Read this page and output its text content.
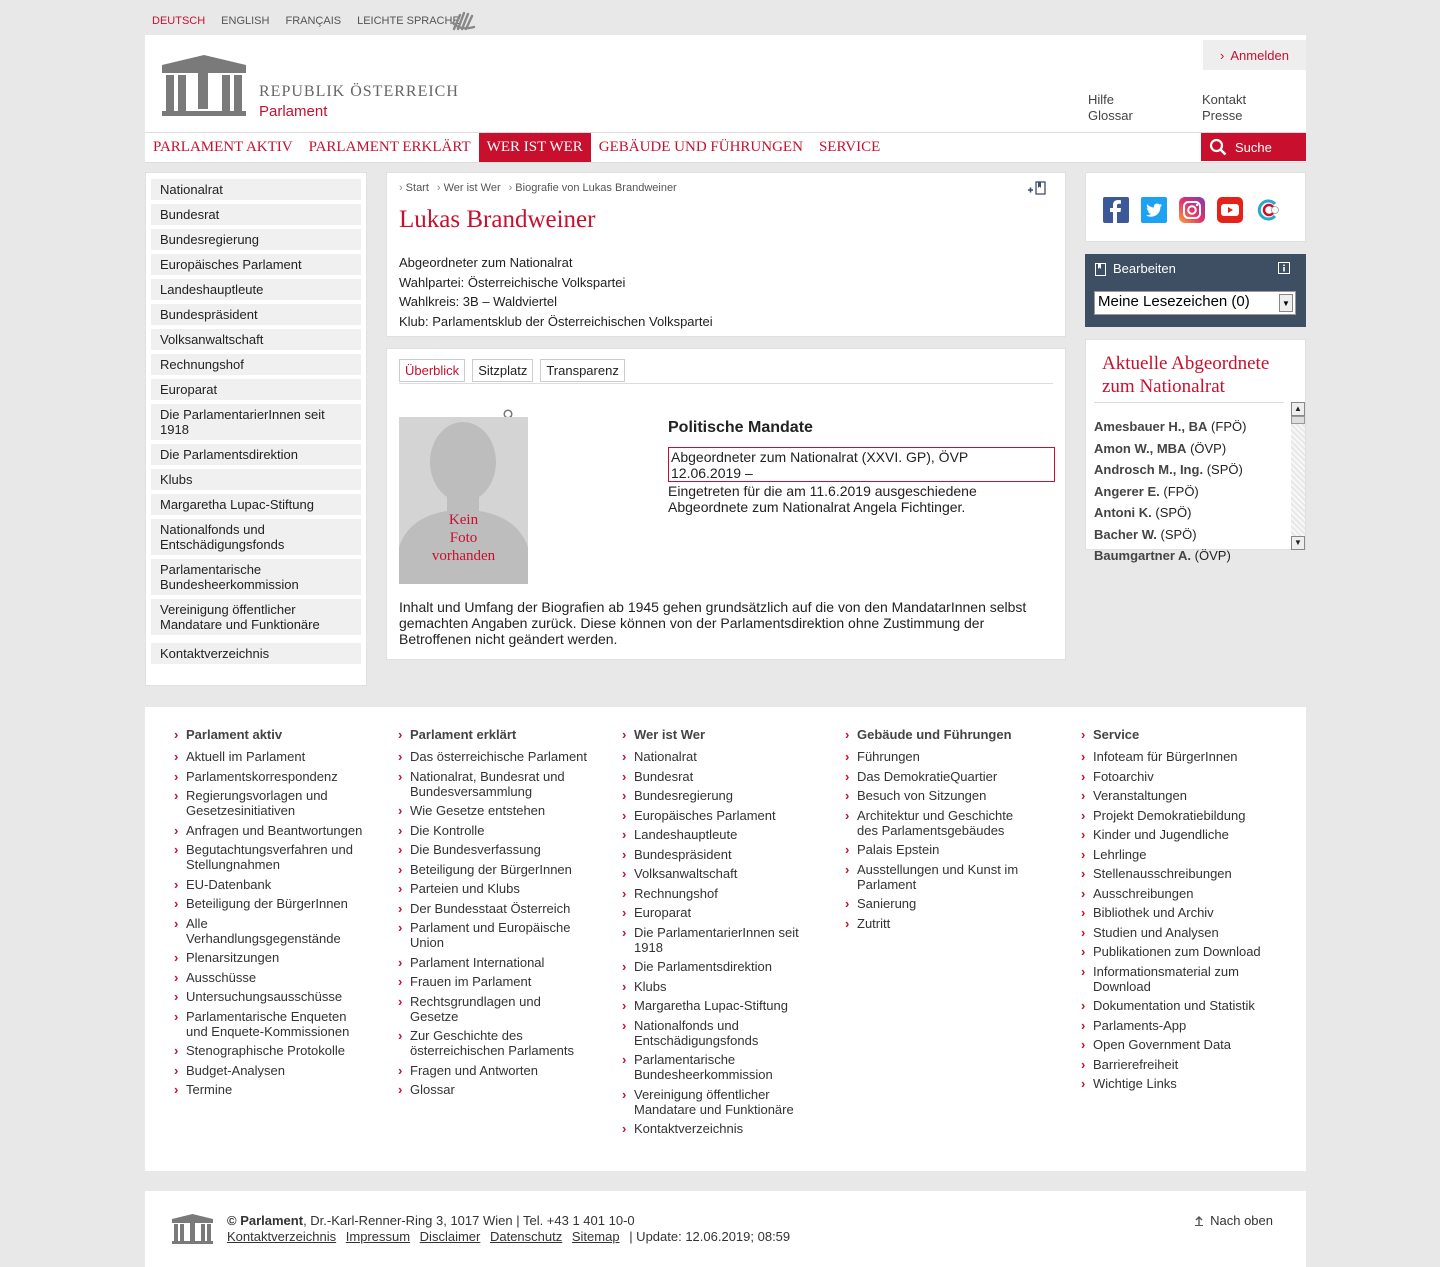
DEUTSCH ENGLISH FRANÇAIS LEICHTE SPRACHE
REPUBLIK ÖSTERREICH
Parlament
› Anmelden
Hilfe
Glossar
Kontakt
Presse
PARLAMENT AKTIV	PARLAMENT ERKLÄRT	WER IST WER	GEBÄUDE UND FÜHRUNGEN	SERVICE	Suche
Nationalrat
Bundesrat
Bundesregierung
Europäisches Parlament
Landeshauptleute
Bundespräsident
Volksanwaltschaft
Rechnungshof
Europarat
Die ParlamentarierInnen seit 1918
Die Parlamentsdirektion
Klubs
Margaretha Lupac-Stiftung
Nationalfonds und Entschädigungsfonds
Parlamentarische Bundesheerkommission
Vereinigung öffentlicher Mandatare und Funktionäre
Kontaktverzeichnis
› Start	› Wer ist Wer	› Biografie von Lukas Brandweiner
Lukas Brandweiner
Abgeordneter zum Nationalrat
Wahlpartei: Österreichische Volkspartei
Wahlkreis: 3B – Waldviertel
Klub: Parlamentsklub der Österreichischen Volkspartei
Überblick	Sitzplatz	Transparenz
Kein
Foto
vorhanden
Politische Mandate
Abgeordneter zum Nationalrat (XXVI. GP), ÖVP
12.06.2019 –
Eingetreten für die am 11.6.2019 ausgeschiedene Abgeordnete zum Nationalrat Angela Fichtinger.
Inhalt und Umfang der Biografien ab 1945 gehen grundsätzlich auf die von den MandatarInnen selbst gemachten Angaben zurück. Diese können von der Parlamentsdirektion ohne Zustimmung der Betroffenen nicht geändert werden.
Bearbeiten
Meine Lesezeichen (0)	▼
Aktuelle Abgeordnete
zum Nationalrat
Amesbauer H., BA (FPÖ)
Amon W., MBA (ÖVP)
Androsch M., Ing. (SPÖ)
Angerer E. (FPÖ)
Antoni K. (SPÖ)
Bacher W. (SPÖ)
Baumgartner A. (ÖVP)
▲
▼
› Parlament aktiv
› Aktuell im Parlament
› Parlamentskorrespondenz
› Regierungsvorlagen und Gesetzesinitiativen
› Anfragen und Beantwortungen
› Begutachtungsverfahren und Stellungnahmen
› EU-Datenbank
› Beteiligung der BürgerInnen
› Alle Verhandlungsgegenstände
› Plenarsitzungen
› Ausschüsse
› Untersuchungsausschüsse
› Parlamentarische Enqueten und Enquete-Kommissionen
› Stenographische Protokolle
› Budget-Analysen
› Termine
› Parlament erklärt
› Das österreichische Parlament
› Nationalrat, Bundesrat und Bundesversammlung
› Wie Gesetze entstehen
› Die Kontrolle
› Die Bundesverfassung
› Beteiligung der BürgerInnen
› Parteien und Klubs
› Der Bundesstaat Österreich
› Parlament und Europäische Union
› Parlament International
› Frauen im Parlament
› Rechtsgrundlagen und Gesetze
› Zur Geschichte des österreichischen Parlaments
› Fragen und Antworten
› Glossar
› Wer ist Wer
› Nationalrat
› Bundesrat
› Bundesregierung
› Europäisches Parlament
› Landeshauptleute
› Bundespräsident
› Volksanwaltschaft
› Rechnungshof
› Europarat
› Die ParlamentarierInnen seit 1918
› Die Parlamentsdirektion
› Klubs
› Margaretha Lupac-Stiftung
› Nationalfonds und Entschädigungsfonds
› Parlamentarische Bundesheerkommission
› Vereinigung öffentlicher Mandatare und Funktionäre
› Kontaktverzeichnis
› Gebäude und Führungen
› Führungen
› Das DemokratieQuartier
› Besuch von Sitzungen
› Architektur und Geschichte des Parlamentsgebäudes
› Palais Epstein
› Ausstellungen und Kunst im Parlament
› Sanierung
› Zutritt
› Service
› Infoteam für BürgerInnen
› Fotoarchiv
› Veranstaltungen
› Projekt Demokratiebildung
› Kinder und Jugendliche
› Lehrlinge
› Stellenausschreibungen
› Ausschreibungen
› Bibliothek und Archiv
› Studien und Analysen
› Publikationen zum Download
› Informationsmaterial zum Download
› Dokumentation und Statistik
› Parlaments-App
› Open Government Data
› Barrierefreiheit
› Wichtige Links
© Parlament, Dr.-Karl-Renner-Ring 3, 1017 Wien | Tel. +43 1 401 10-0
Kontaktverzeichnis Impressum Disclaimer Datenschutz Sitemap | Update: 12.06.2019; 08:59
Nach oben
